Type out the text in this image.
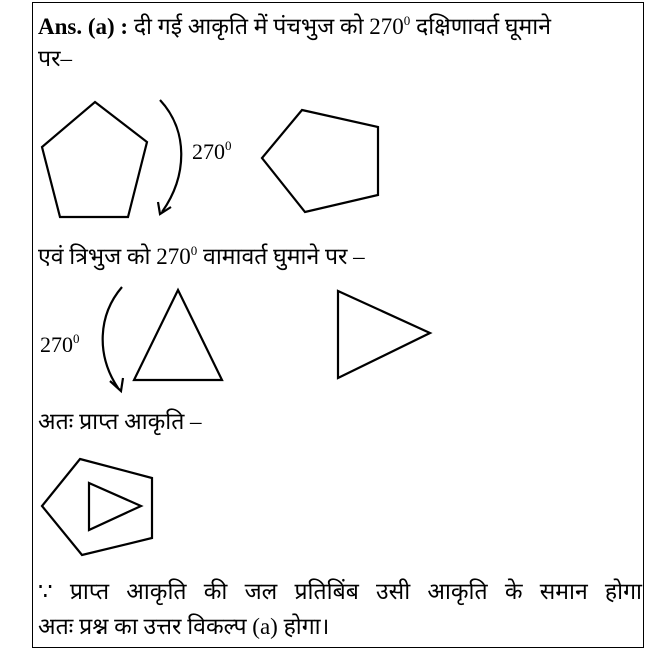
Ans. (a) : दी गई आकृति में पंचभुज को $270^0$ दक्षिणावर्त घूमाने
पर–
$270^0$
एवं त्रिभुज को $270^0$ वामावर्त घुमाने पर –
$270^0$
अतः प्राप्त आकृति –
∵ प्राप्त आकृति की जल प्रतिबिंब उसी आकृति के समान होगा
अतः प्रश्न का उत्तर विकल्प (a) होगा।
